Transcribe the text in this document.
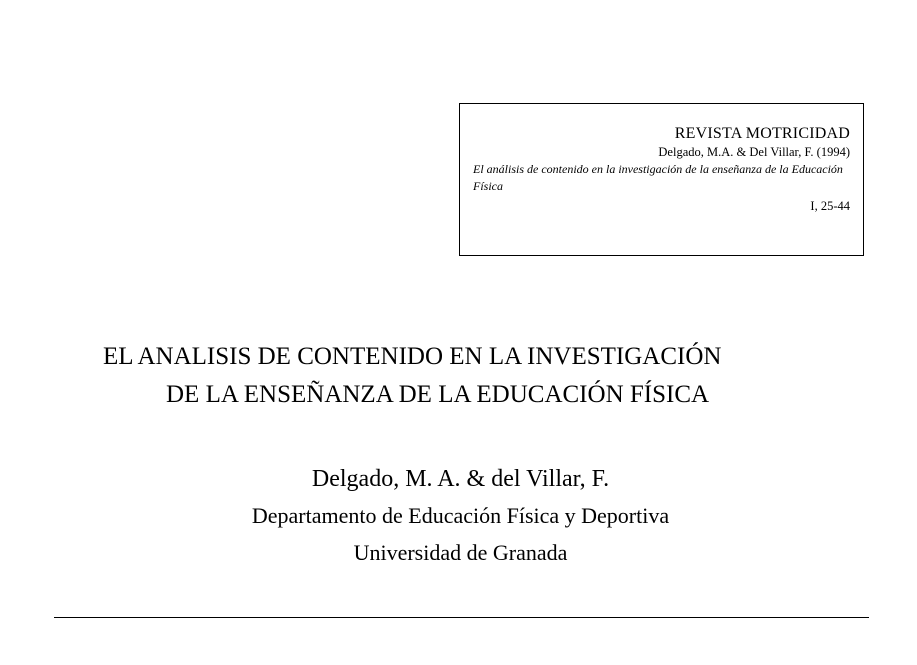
REVISTA MOTRICIDAD
Delgado, M.A. & Del Villar, F. (1994)
El análisis de contenido en la investigación de la enseñanza de la Educación Física
I, 25-44
EL ANALISIS DE CONTENIDO EN LA INVESTIGACIÓN
DE LA ENSEÑANZA DE LA EDUCACIÓN FÍSICA
Delgado, M. A. & del Villar, F.
Departamento de Educación Física y Deportiva
Universidad de Granada
